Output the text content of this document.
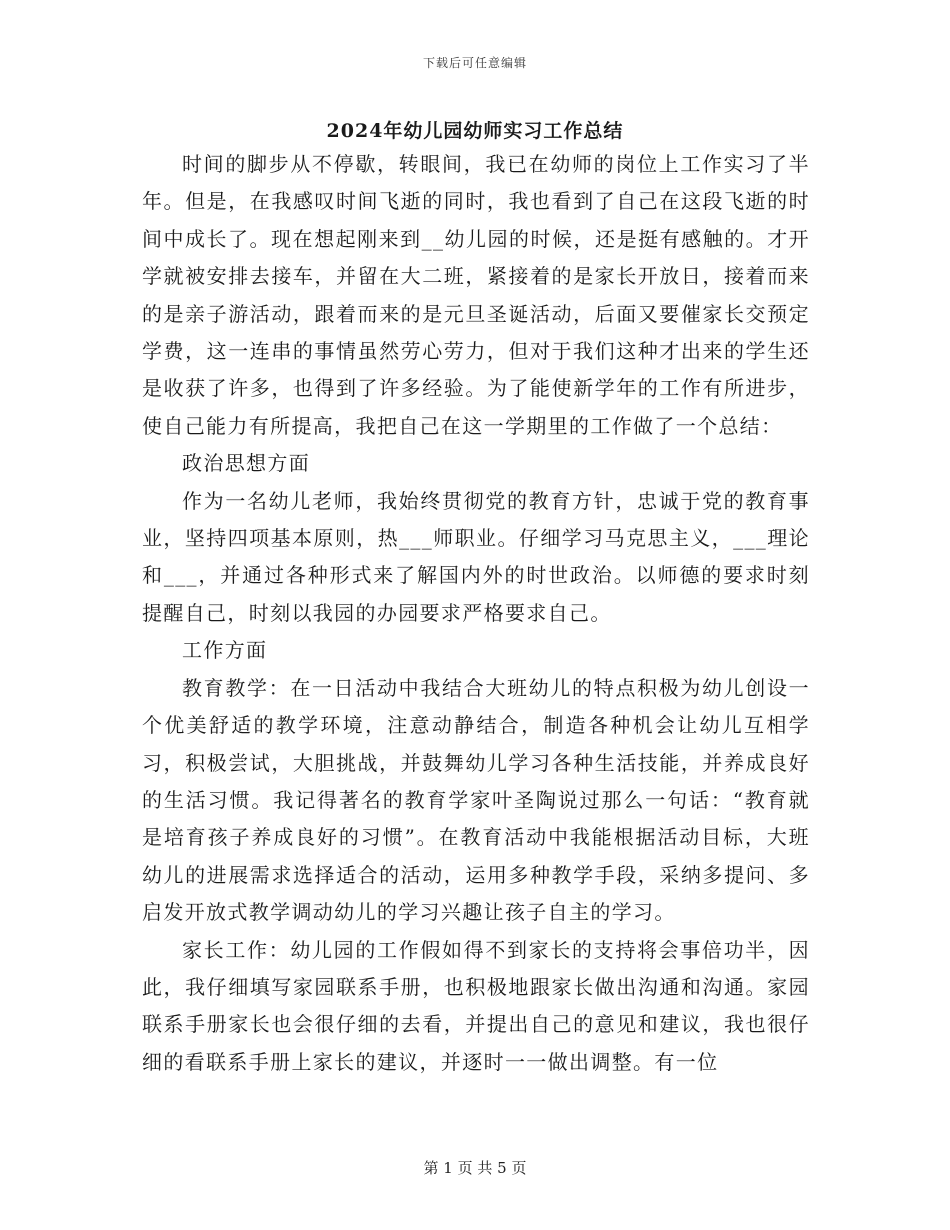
下载后可任意编辑
2024年幼儿园幼师实习工作总结

时间的脚步从不停歇，转眼间，我已在幼师的岗位上工作实习了半年。但是，在我感叹时间飞逝的同时，我也看到了自己在这段飞逝的时间中成长了。现在想起刚来到__幼儿园的时候，还是挺有感触的。才开学就被安排去接车，并留在大二班，紧接着的是家长开放日，接着而来的是亲子游活动，跟着而来的是元旦圣诞活动，后面又要催家长交预定学费，这一连串的事情虽然劳心劳力，但对于我们这种才出来的学生还是收获了许多，也得到了许多经验。为了能使新学年的工作有所进步，使自己能力有所提高，我把自己在这一学期里的工作做了一个总结：

政治思想方面

作为一名幼儿老师，我始终贯彻党的教育方针，忠诚于党的教育事业，坚持四项基本原则，热___师职业。仔细学习马克思主义，___理论和___，并通过各种形式来了解国内外的时世政治。以师德的要求时刻提醒自己，时刻以我园的办园要求严格要求自己。

工作方面

教育教学：在一日活动中我结合大班幼儿的特点积极为幼儿创设一个优美舒适的教学环境，注意动静结合，制造各种机会让幼儿互相学习，积极尝试，大胆挑战，并鼓舞幼儿学习各种生活技能，并养成良好的生活习惯。我记得著名的教育学家叶圣陶说过那么一句话：“教育就是培育孩子养成良好的习惯”。在教育活动中我能根据活动目标，大班幼儿的进展需求选择适合的活动，运用多种教学手段，采纳多提问、多启发开放式教学调动幼儿的学习兴趣让孩子自主的学习。

家长工作：幼儿园的工作假如得不到家长的支持将会事倍功半，因此，我仔细填写家园联系手册，也积极地跟家长做出沟通和沟通。家园联系手册家长也会很仔细的去看，并提出自己的意见和建议，我也很仔细的看联系手册上家长的建议，并逐时一一做出调整。有一位

第 1 页 共 5 页
